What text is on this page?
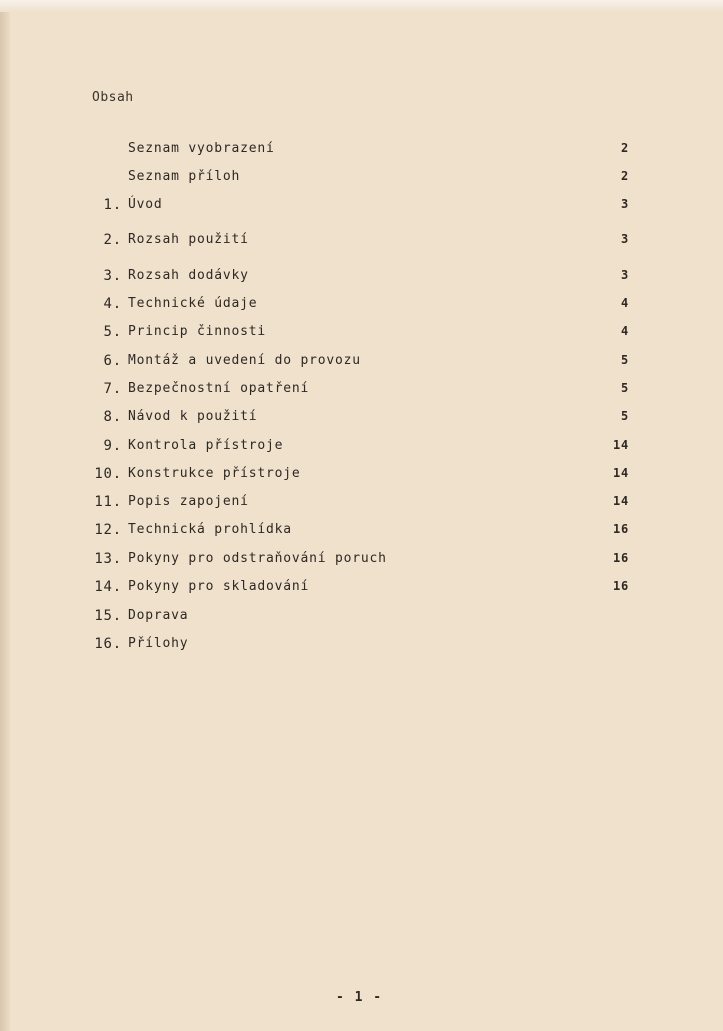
Obsah
Seznam vyobrazení	2
Seznam příloh	2
1. Úvod	3
2. Rozsah použití	3
3. Rozsah dodávky	3
4. Technické údaje	4
5. Princip činnosti	4
6. Montáž a uvedení do provozu	5
7. Bezpečnostní opatření	5
8. Návod k použití	5
9. Kontrola přístroje	14
10. Konstrukce přístroje	14
11. Popis zapojení	14
12. Technická prohlídka	16
13. Pokyny pro odstraňování poruch	16
14. Pokyny pro skladování	16
15. Doprava
16. Přílohy
- 1 -
